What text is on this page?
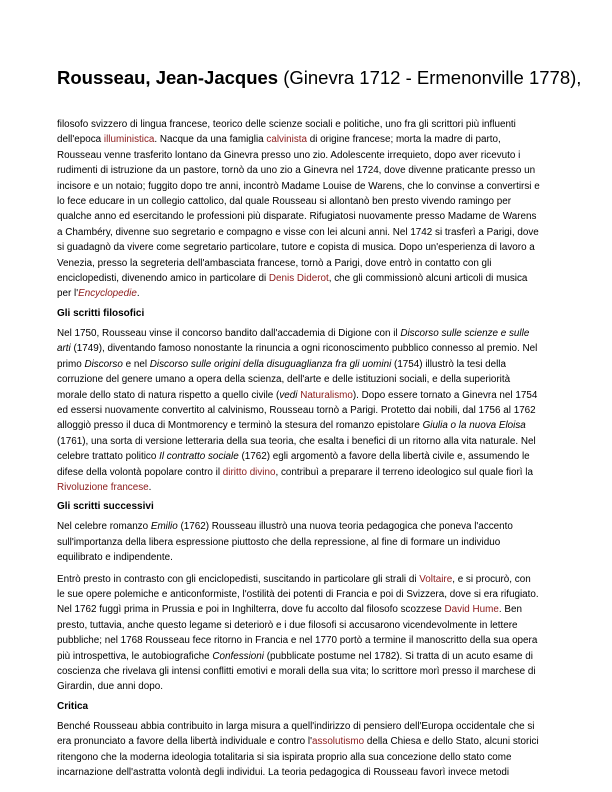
Rousseau, Jean-Jacques (Ginevra 1712 - Ermenonville 1778),

filosofo svizzero di lingua francese, teorico delle scienze sociali e politiche, uno fra gli scrittori più influenti
dell'epoca illuministica. Nacque da una famiglia calvinista di origine francese; morta la madre di parto,
Rousseau venne trasferito lontano da Ginevra presso uno zio. Adolescente irrequieto, dopo aver ricevuto i
rudimenti di istruzione da un pastore, tornò da uno zio a Ginevra nel 1724, dove divenne praticante presso un
incisore e un notaio; fuggito dopo tre anni, incontrò Madame Louise de Warens, che lo convinse a convertirsi e
lo fece educare in un collegio cattolico, dal quale Rousseau si allontanò ben presto vivendo ramingo per
qualche anno ed esercitando le professioni più disparate. Rifugiatosi nuovamente presso Madame de Warens
a Chambéry, divenne suo segretario e compagno e visse con lei alcuni anni. Nel 1742 si trasferì a Parigi, dove
si guadagnò da vivere come segretario particolare, tutore e copista di musica. Dopo un'esperienza di lavoro a
Venezia, presso la segreteria dell'ambasciata francese, tornò a Parigi, dove entrò in contatto con gli
enciclopedisti, divenendo amico in particolare di Denis Diderot, che gli commissionò alcuni articoli di musica
per l'Encyclopedie.

Gli scritti filosofici

Nel 1750, Rousseau vinse il concorso bandito dall'accademia di Digione con il Discorso sulle scienze e sulle
arti (1749), diventando famoso nonostante la rinuncia a ogni riconoscimento pubblico connesso al premio. Nel
primo Discorso e nel Discorso sulle origini della disuguaglianza fra gli uomini (1754) illustrò la tesi della
corruzione del genere umano a opera della scienza, dell'arte e delle istituzioni sociali, e della superiorità
morale dello stato di natura rispetto a quello civile (vedi Naturalismo). Dopo essere tornato a Ginevra nel 1754
ed essersi nuovamente convertito al calvinismo, Rousseau tornò a Parigi. Protetto dai nobili, dal 1756 al 1762
alloggiò presso il duca di Montmorency e terminò la stesura del romanzo epistolare Giulia o la nuova Eloisa
(1761), una sorta di versione letteraria della sua teoria, che esalta i benefici di un ritorno alla vita naturale. Nel
celebre trattato politico Il contratto sociale (1762) egli argomentò a favore della libertà civile e, assumendo le
difese della volontà popolare contro il diritto divino, contribuì a preparare il terreno ideologico sul quale fiorì la
Rivoluzione francese.

Gli scritti successivi

Nel celebre romanzo Emilio (1762) Rousseau illustrò una nuova teoria pedagogica che poneva l'accento
sull'importanza della libera espressione piuttosto che della repressione, al fine di formare un individuo
equilibrato e indipendente.

Entrò presto in contrasto con gli enciclopedisti, suscitando in particolare gli strali di Voltaire, e si procurò, con
le sue opere polemiche e anticonformiste, l'ostilità dei potenti di Francia e poi di Svizzera, dove si era rifugiato.
Nel 1762 fuggì prima in Prussia e poi in Inghilterra, dove fu accolto dal filosofo scozzese David Hume. Ben
presto, tuttavia, anche questo legame si deteriorò e i due filosofi si accusarono vicendevolmente in lettere
pubbliche; nel 1768 Rousseau fece ritorno in Francia e nel 1770 portò a termine il manoscritto della sua opera
più introspettiva, le autobiografiche Confessioni (pubblicate postume nel 1782). Si tratta di un acuto esame di
coscienza che rivelava gli intensi conflitti emotivi e morali della sua vita; lo scrittore morì presso il marchese di
Girardin, due anni dopo.

Critica

Benché Rousseau abbia contribuito in larga misura a quell'indirizzo di pensiero dell'Europa occidentale che si
era pronunciato a favore della libertà individuale e contro l'assolutismo della Chiesa e dello Stato, alcuni storici
ritengono che la moderna ideologia totalitaria si sia ispirata proprio alla sua concezione dello stato come
incarnazione dell'astratta volontà degli individui. La teoria pedagogica di Rousseau favorì invece metodi
